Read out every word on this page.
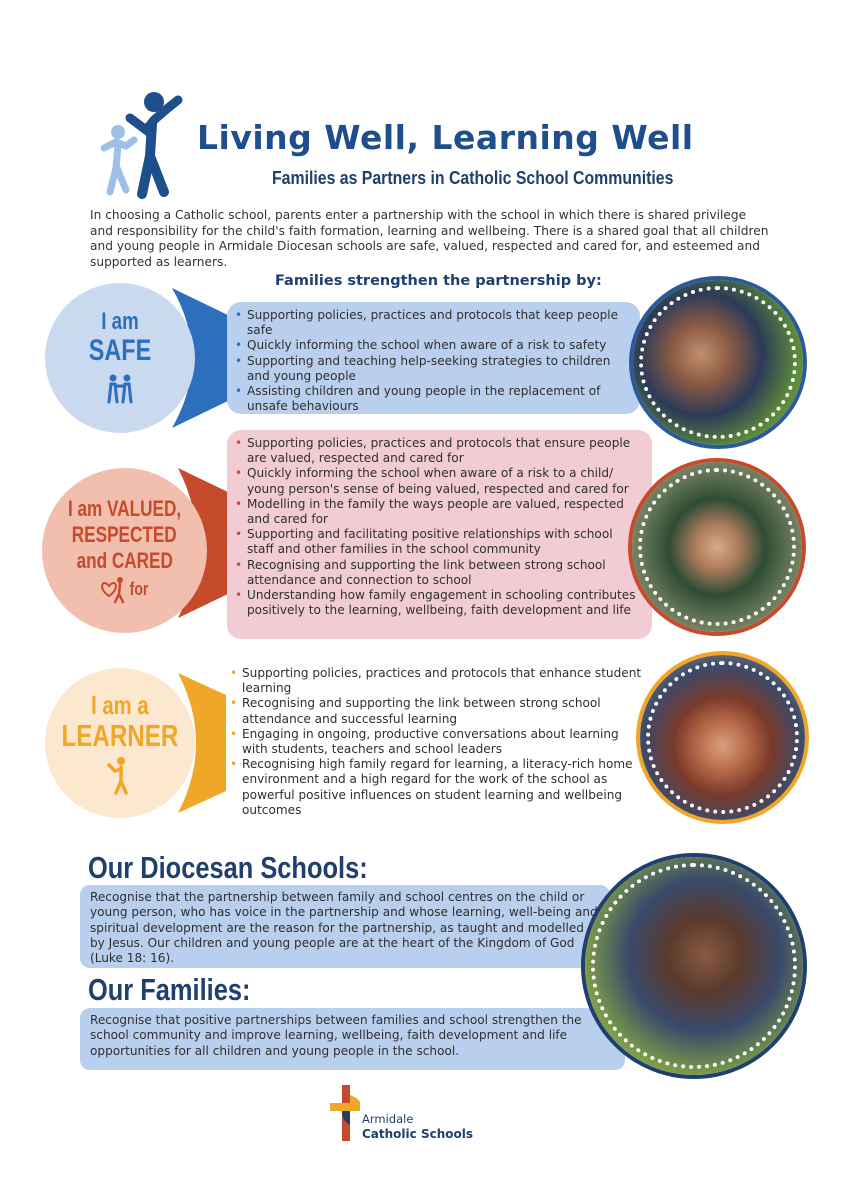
Living Well, Learning Well
Families as Partners in Catholic School Communities
In choosing a Catholic school, parents enter a partnership with the school in which there is shared privilege and responsibility for the child's faith formation, learning and wellbeing. There is a shared goal that all children and young people in Armidale Diocesan schools are safe, valued, respected and cared for, and esteemed and supported as learners.
Families strengthen the partnership by:
I am
SAFE
• Supporting policies, practices and protocols that keep people safe
• Quickly informing the school when aware of a risk to safety
• Supporting and teaching help-seeking strategies to children and young people
• Assisting children and young people in the replacement of unsafe behaviours
I am VALUED,
RESPECTED
and CARED
for
• Supporting policies, practices and protocols that ensure people are valued, respected and cared for
• Quickly informing the school when aware of a risk to a child/ young person's sense of being valued, respected and cared for
• Modelling in the family the ways people are valued, respected and cared for
• Supporting and facilitating positive relationships with school staff and other families in the school community
• Recognising and supporting the link between strong school attendance and connection to school
• Understanding how family engagement in schooling contributes positively to the learning, wellbeing, faith development and life
I am a
LEARNER
• Supporting policies, practices and protocols that enhance student learning
• Recognising and supporting the link between strong school attendance and successful learning
• Engaging in ongoing, productive conversations about learning with students, teachers and school leaders
• Recognising high family regard for learning, a literacy-rich home environment and a high regard for the work of the school as powerful positive influences on student learning and wellbeing outcomes
Our Diocesan Schools:
Recognise that the partnership between family and school centres on the child or young person, who has voice in the partnership and whose learning, well-being and spiritual development are the reason for the partnership, as taught and modelled by Jesus. Our children and young people are at the heart of the Kingdom of God (Luke 18: 16).
Our Families:
Recognise that positive partnerships between families and school strengthen the school community and improve learning, wellbeing, faith development and life opportunities for all children and young people in the school.
Armidale
Catholic Schools
